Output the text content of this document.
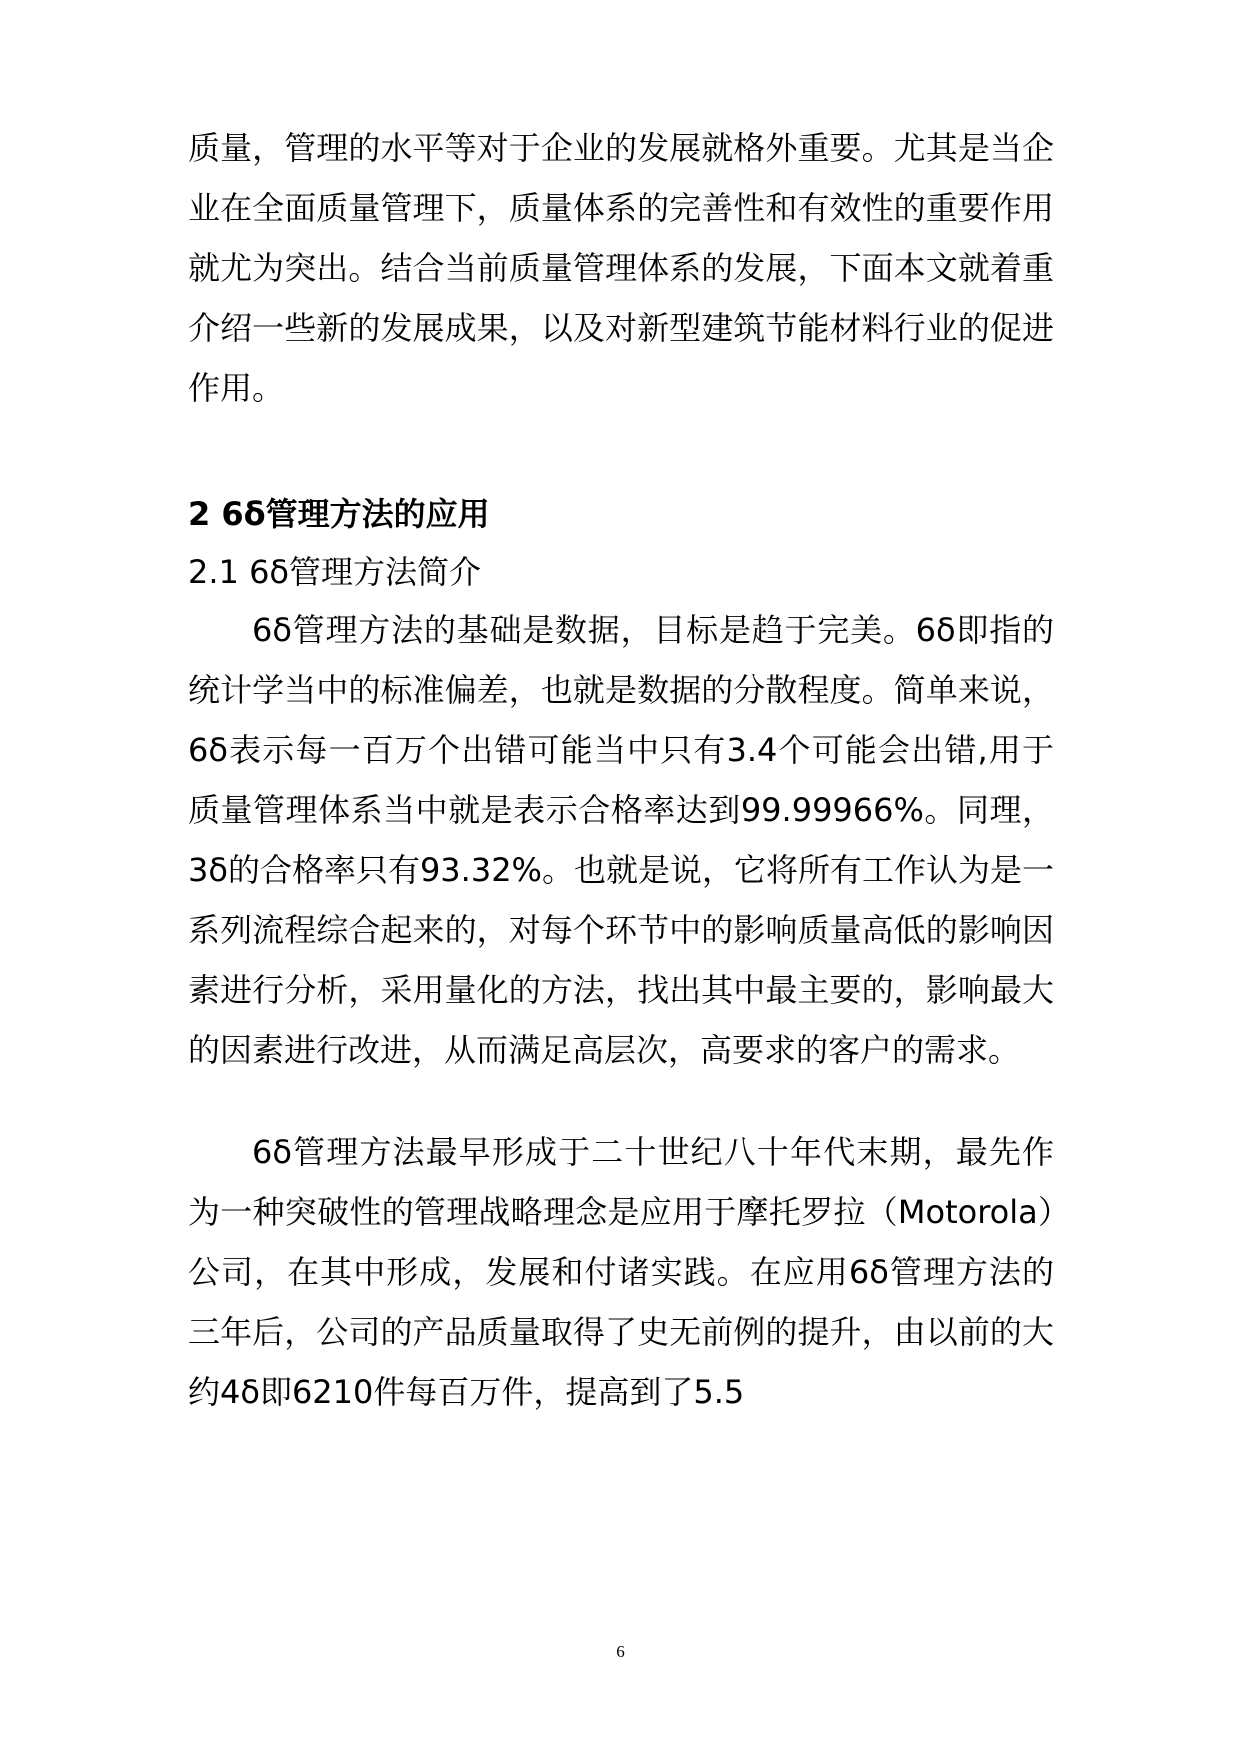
质量，管理的水平等对于企业的发展就格外重要。尤其是当企业在全面质量管理下，质量体系的完善性和有效性的重要作用就尤为突出。结合当前质量管理体系的发展，下面本文就着重介绍一些新的发展成果，以及对新型建筑节能材料行业的促进作用。

2 6δ管理方法的应用
2.1 6δ管理方法简介

6δ管理方法的基础是数据，目标是趋于完美。6δ即指的统计学当中的标准偏差，也就是数据的分散程度。简单来说，6δ表示每一百万个出错可能当中只有3.4个可能会出错,用于质量管理体系当中就是表示合格率达到99.99966%。同理，3δ的合格率只有93.32%。也就是说，它将所有工作认为是一系列流程综合起来的，对每个环节中的影响质量高低的影响因素进行分析，采用量化的方法，找出其中最主要的，影响最大的因素进行改进，从而满足高层次，高要求的客户的需求。

6δ管理方法最早形成于二十世纪八十年代末期，最先作为一种突破性的管理战略理念是应用于摩托罗拉（Motorola）公司，在其中形成，发展和付诸实践。在应用6δ管理方法的三年后，公司的产品质量取得了史无前例的提升，由以前的大约4δ即6210件每百万件，提高到了5.5

6
